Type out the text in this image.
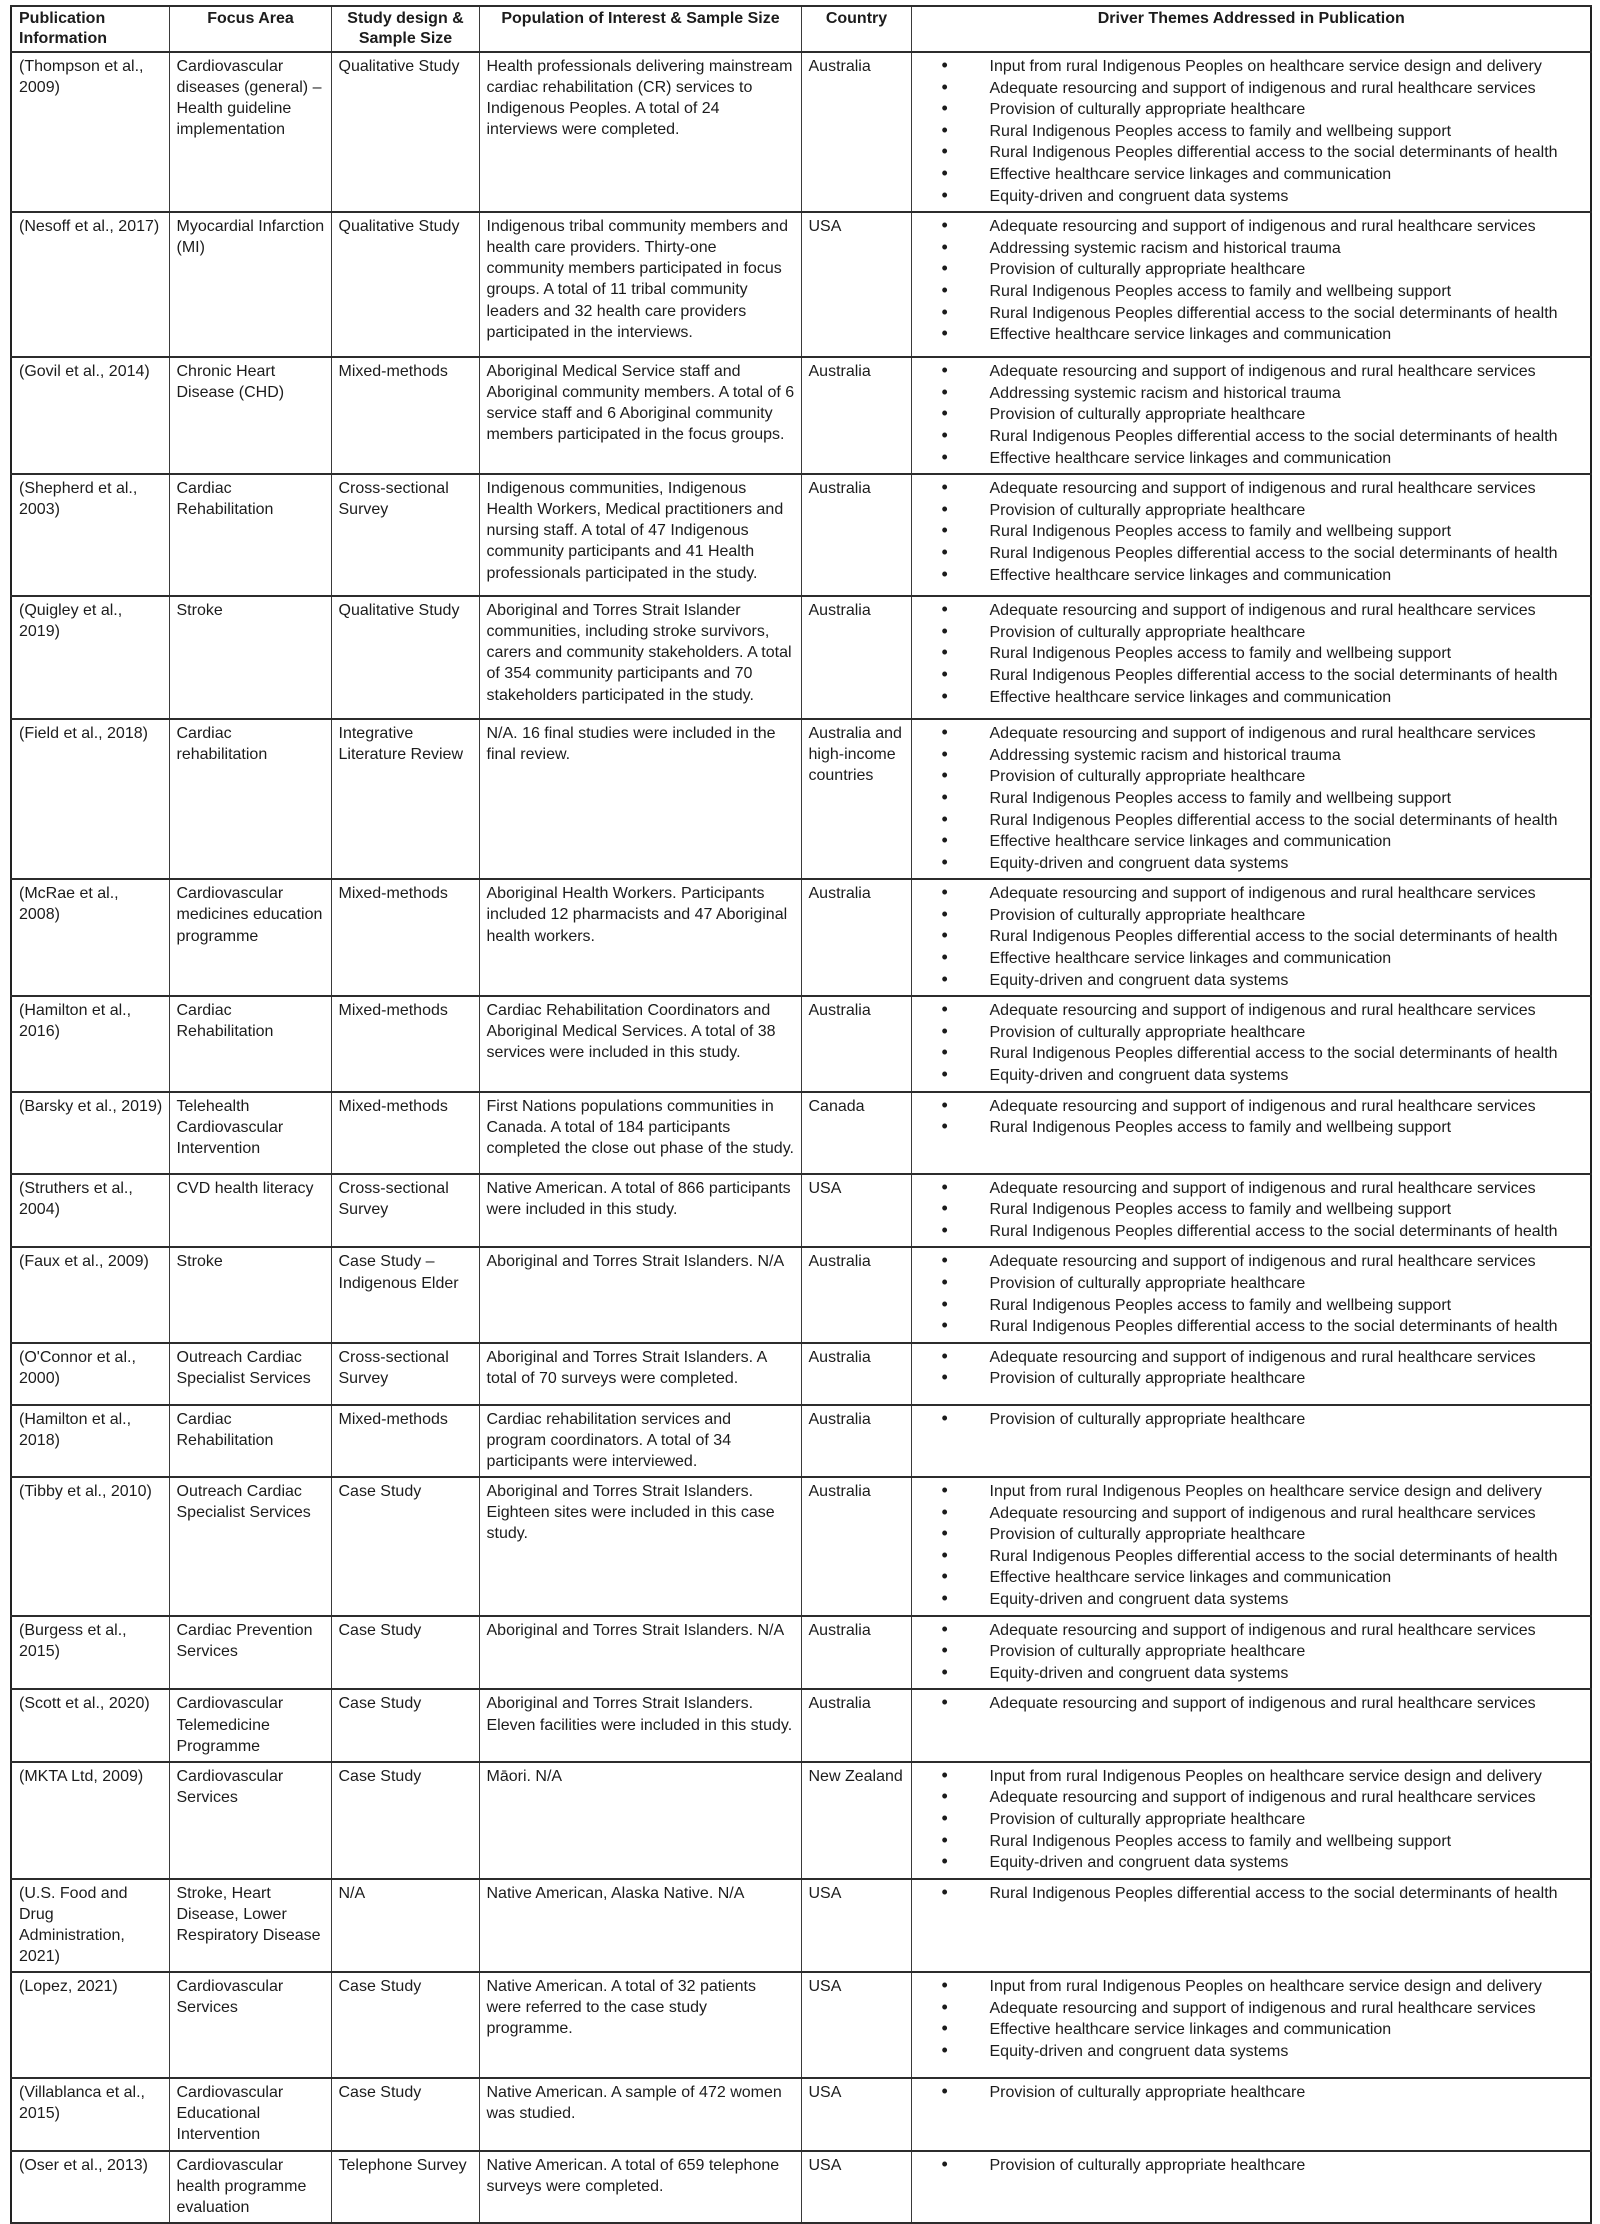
Publication Information	Focus Area	Study design & Sample Size	Population of Interest & Sample Size	Country	Driver Themes Addressed in Publication
(Thompson et al., 2009)	Cardiovascular diseases (general) – Health guideline implementation	Qualitative Study	Health professionals delivering mainstream cardiac rehabilitation (CR) services to Indigenous Peoples. A total of 24 interviews were completed.	Australia	
•Input from rural Indigenous Peoples on healthcare service design and delivery
• Adequate resourcing and support of indigenous and rural healthcare services
• Provision of culturally appropriate healthcare
• Rural Indigenous Peoples access to family and wellbeing support
• Rural Indigenous Peoples differential access to the social determinants of health
• Effective healthcare service linkages and communication
• Equity-driven and congruent data systems

(Nesoff et al., 2017)	Myocardial Infarction (MI)	Qualitative Study	Indigenous tribal community members and health care providers. Thirty-one community members participated in focus groups. A total of 11 tribal community leaders and 32 health care providers participated in the interviews.	USA	
•Adequate resourcing and support of indigenous and rural healthcare services
• Addressing systemic racism and historical trauma
• Provision of culturally appropriate healthcare
• Rural Indigenous Peoples access to family and wellbeing support
• Rural Indigenous Peoples differential access to the social determinants of health
• Effective healthcare service linkages and communication

(Govil et al., 2014)	Chronic Heart Disease (CHD)	Mixed-methods	Aboriginal Medical Service staff and Aboriginal community members. A total of 6 service staff and 6 Aboriginal community members participated in the focus groups.	Australia	
•Adequate resourcing and support of indigenous and rural healthcare services
• Addressing systemic racism and historical trauma
• Provision of culturally appropriate healthcare
• Rural Indigenous Peoples differential access to the social determinants of health
• Effective healthcare service linkages and communication

(Shepherd et al., 2003)	Cardiac Rehabilitation	Cross-sectional Survey	Indigenous communities, Indigenous Health Workers, Medical practitioners and nursing staff. A total of 47 Indigenous community participants and 41 Health professionals participated in the study.	Australia	
•Adequate resourcing and support of indigenous and rural healthcare services
• Provision of culturally appropriate healthcare
• Rural Indigenous Peoples access to family and wellbeing support
• Rural Indigenous Peoples differential access to the social determinants of health
• Effective healthcare service linkages and communication

(Quigley et al., 2019)	Stroke	Qualitative Study	Aboriginal and Torres Strait Islander communities, including stroke survivors, carers and community stakeholders. A total of 354 community participants and 70 stakeholders participated in the study.	Australia	
•Adequate resourcing and support of indigenous and rural healthcare services
• Provision of culturally appropriate healthcare
• Rural Indigenous Peoples access to family and wellbeing support
• Rural Indigenous Peoples differential access to the social determinants of health
• Effective healthcare service linkages and communication

(Field et al., 2018)	Cardiac rehabilitation	Integrative Literature Review	N/A. 16 final studies were included in the final review.	Australia and high-income countries	
• Adequate resourcing and support of indigenous and rural healthcare services
• Addressing systemic racism and historical trauma
• Provision of culturally appropriate healthcare
• Rural Indigenous Peoples access to family and wellbeing support
• Rural Indigenous Peoples differential access to the social determinants of health
• Effective healthcare service linkages and communication
• Equity-driven and congruent data systems

(McRae et al., 2008)	Cardiovascular medicines education programme	Mixed-methods	Aboriginal Health Workers. Participants included 12 pharmacists and 47 Aboriginal health workers.	Australia	
•Adequate resourcing and support of indigenous and rural healthcare services
• Provision of culturally appropriate healthcare
• Rural Indigenous Peoples differential access to the social determinants of health
• Effective healthcare service linkages and communication
• Equity-driven and congruent data systems

(Hamilton et al., 2016)	Cardiac Rehabilitation	Mixed-methods	Cardiac Rehabilitation Coordinators and Aboriginal Medical Services. A total of 38 services were included in this study.	Australia	
•Adequate resourcing and support of indigenous and rural healthcare services
• Provision of culturally appropriate healthcare
• Rural Indigenous Peoples differential access to the social determinants of health
• Equity-driven and congruent data systems

(Barsky et al., 2019)	Telehealth Cardiovascular Intervention	Mixed-methods	First Nations populations communities in Canada. A total of 184 participants completed the close out phase of the study.	Canada	
•Adequate resourcing and support of indigenous and rural healthcare services
• Rural Indigenous Peoples access to family and wellbeing support

(Struthers et al., 2004)	CVD health literacy	Cross-sectional Survey	Native American. A total of 866 participants were included in this study.	USA	
•Adequate resourcing and support of indigenous and rural healthcare services
• Rural Indigenous Peoples access to family and wellbeing support
• Rural Indigenous Peoples differential access to the social determinants of health

(Faux et al., 2009)	Stroke	Case Study – Indigenous Elder	Aboriginal and Torres Strait Islanders. N/A	Australia	
•Adequate resourcing and support of indigenous and rural healthcare services
• Provision of culturally appropriate healthcare
• Rural Indigenous Peoples access to family and wellbeing support
• Rural Indigenous Peoples differential access to the social determinants of health

(O'Connor et al., 2000)	Outreach Cardiac Specialist Services	Cross-sectional Survey	Aboriginal and Torres Strait Islanders. A total of 70 surveys were completed.	Australia	
•Adequate resourcing and support of indigenous and rural healthcare services
• Provision of culturally appropriate healthcare

(Hamilton et al., 2018)	Cardiac Rehabilitation	Mixed-methods	Cardiac rehabilitation services and program coordinators. A total of 34 participants were interviewed.	Australia	
•Provision of culturally appropriate healthcare

(Tibby et al., 2010)	Outreach Cardiac Specialist Services	Case Study	Aboriginal and Torres Strait Islanders. Eighteen sites were included in this case study.	Australia	
•Input from rural Indigenous Peoples on healthcare service design and delivery
• Adequate resourcing and support of indigenous and rural healthcare services
• Provision of culturally appropriate healthcare
• Rural Indigenous Peoples differential access to the social determinants of health
• Effective healthcare service linkages and communication
• Equity-driven and congruent data systems

(Burgess et al., 2015)	Cardiac Prevention Services	Case Study	Aboriginal and Torres Strait Islanders. N/A	Australia	
•Adequate resourcing and support of indigenous and rural healthcare services
• Provision of culturally appropriate healthcare
• Equity-driven and congruent data systems

(Scott et al., 2020)	Cardiovascular Telemedicine Programme	Case Study	Aboriginal and Torres Strait Islanders. Eleven facilities were included in this study.	Australia	
•Adequate resourcing and support of indigenous and rural healthcare services

(MKTA Ltd, 2009)	Cardiovascular Services	Case Study	Māori. N/A	New Zealand	
•Input from rural Indigenous Peoples on healthcare service design and delivery
• Adequate resourcing and support of indigenous and rural healthcare services
• Provision of culturally appropriate healthcare
• Rural Indigenous Peoples access to family and wellbeing support
• Equity-driven and congruent data systems

(U.S. Food and Drug Administration, 2021)	Stroke, Heart Disease, Lower Respiratory Disease	N/A	Native American, Alaska Native. N/A	USA	
•Rural Indigenous Peoples differential access to the social determinants of health

(Lopez, 2021)	Cardiovascular Services	Case Study	Native American. A total of 32 patients were referred to the case study programme.	USA	
•Input from rural Indigenous Peoples on healthcare service design and delivery
• Adequate resourcing and support of indigenous and rural healthcare services
• Effective healthcare service linkages and communication
• Equity-driven and congruent data systems

(Villablanca et al., 2015)	Cardiovascular Educational Intervention	Case Study	Native American. A sample of 472 women was studied.	USA	
•Provision of culturally appropriate healthcare

(Oser et al., 2013)	Cardiovascular health programme evaluation	Telephone Survey	Native American. A total of 659 telephone surveys were completed.	USA	
•Provision of culturally appropriate healthcare
